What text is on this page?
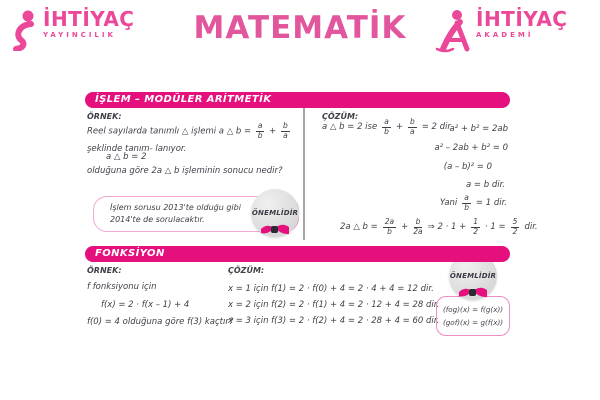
İHTİYAÇ
YAYINCILIK	MATEMATİK	İHTİYAÇ
AKADEMİ
İŞLEM – MODÜLER ARİTMETİK
ÖRNEK:
Reel sayılarda tanımlı △ işlemi a △ $b = \frac{a}{b} + \frac{b}{a}$
şeklinde tanım- lanıyor.
a △ b = 2
olduğuna göre 2a △ b işleminin sonucu nedir?
İşlem sorusu 2013'te olduğu gibi 2014'te de sorulacaktır.
ÖNEMLİDİR
ÇÖZÜM:
a △ b = 2 ise $\frac{a}{b} + \frac{b}{a} = 2$ dir.
a² + b² = 2ab
a² – 2ab + b² = 0
(a – b)² = 0
a = b dir.
Yani $\frac{a}{b} = 1$ dir.
2a △ $b = \frac{2a}{b} + \frac{b}{2a}$ ⇒ $2 \cdot 1 + \frac{1}{2} \cdot 1 = \frac{5}{2}$ dir.
FONKSİYON
ÖRNEK:
f fonksiyonu için
f(x) = 2 · f(x – 1) + 4
f(0) = 4 olduğuna göre f(3) kaçtır?
ÇÖZÜM:
x = 1 için f(1) = 2 · f(0) + 4 = 2 · 4 + 4 = 12 dir.
x = 2 için f(2) = 2 · f(1) + 4 = 2 · 12 + 4 = 28 dir.
x = 3 için f(3) = 2 · f(2) + 4 = 2 · 28 + 4 = 60 dir.
ÖNEMLİDİR
(fog)(x) = f(g(x))
(gof)(x) = g(f(x))
